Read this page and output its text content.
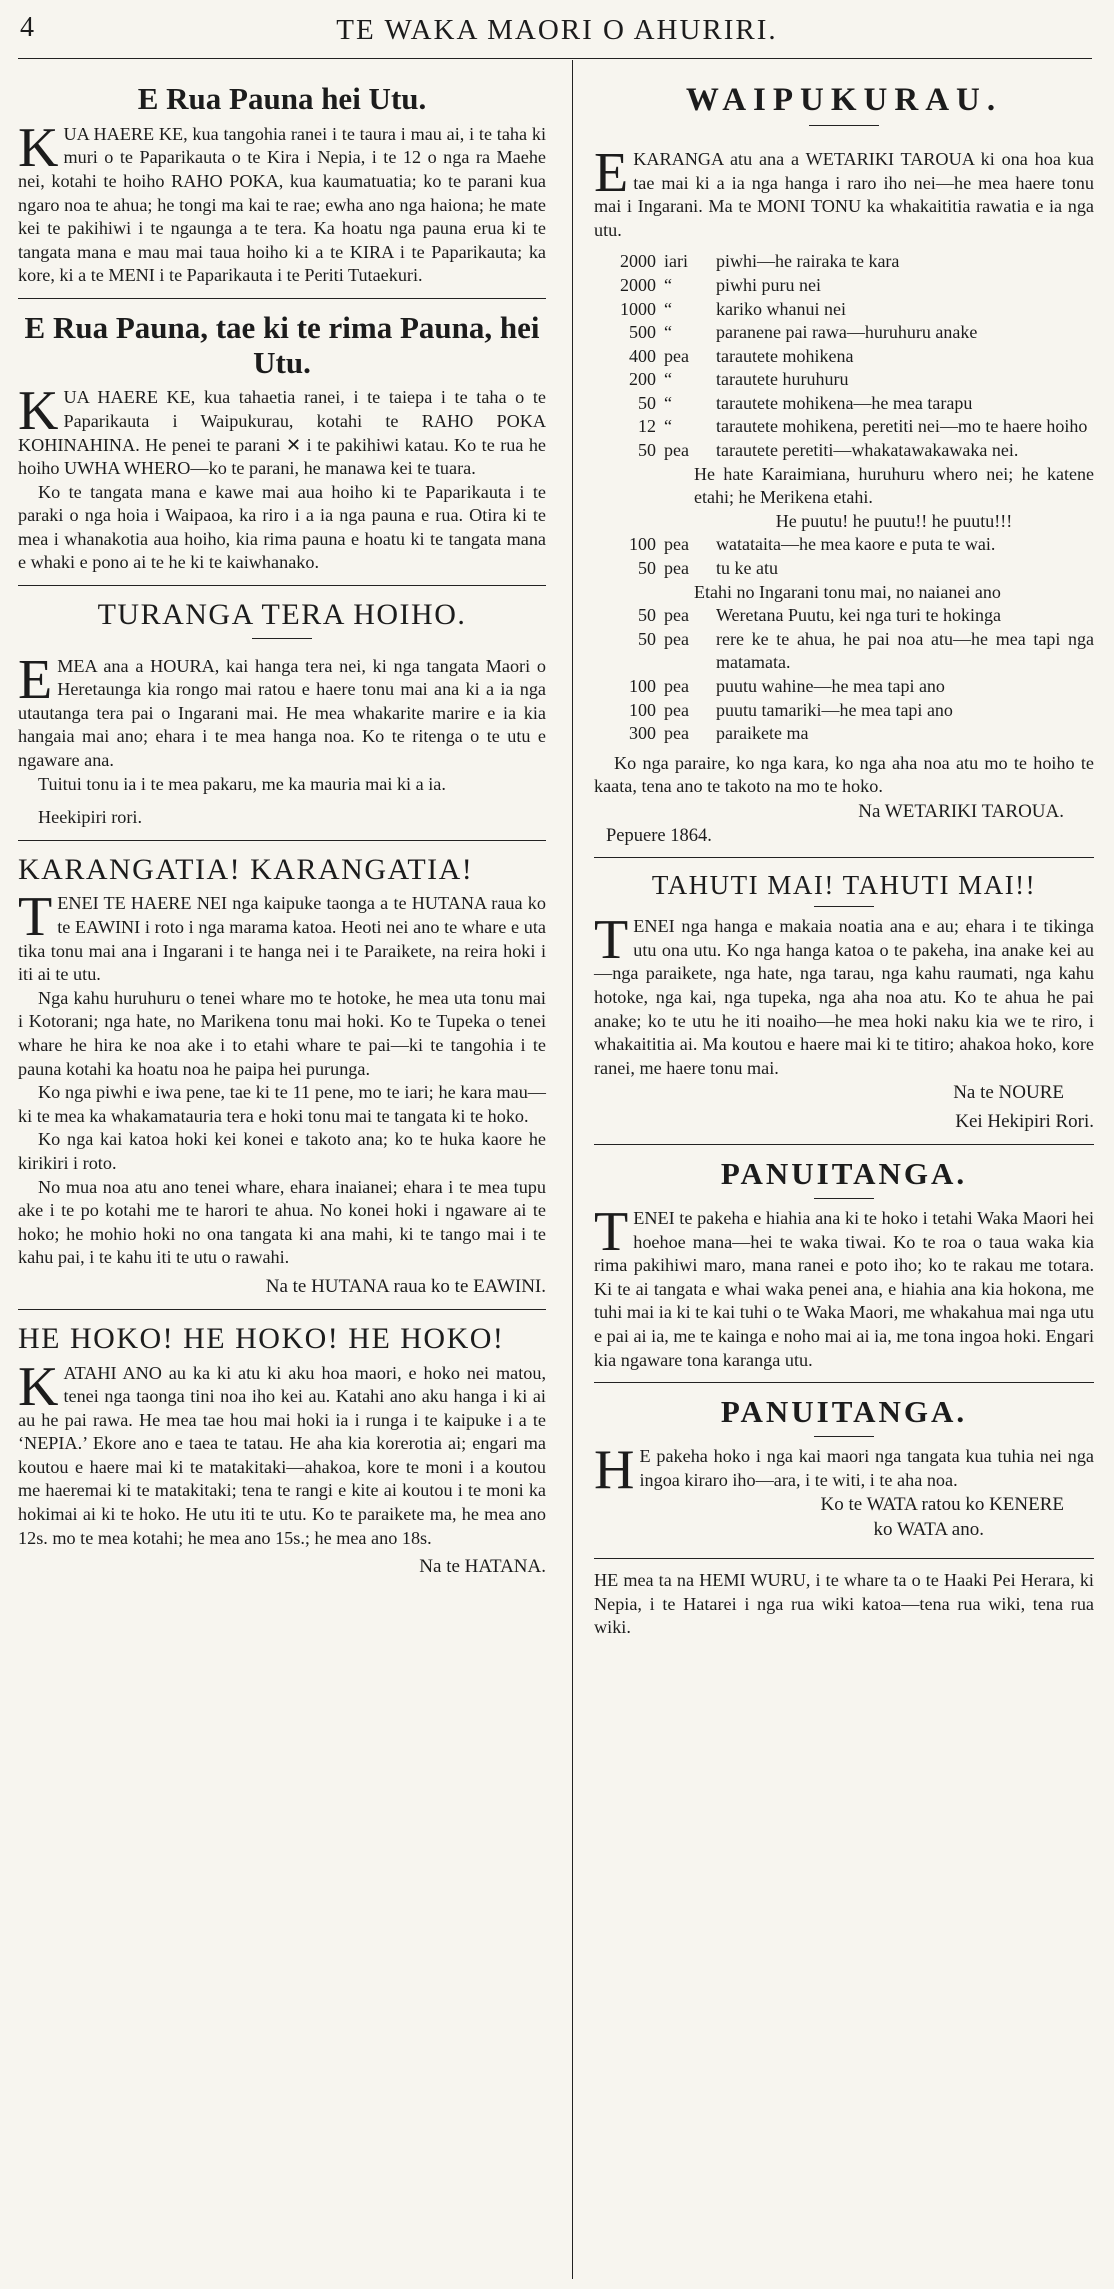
4	TE WAKA MAORI O AHURIRI.
E Rua Pauna hei Utu.

KUA HAERE KE, kua tangohia ranei i te taura i mau ai, i te taha ki muri o te Paparikauta o te Kira i Nepia, i te 12 o nga ra Maehe nei, kotahi te hoiho RAHO POKA, kua kaumatuatia; ko te parani kua ngaro noa te ahua; he tongi ma kai te rae; ewha ano nga haiona; he mate kei te pakihiwi i te ngaunga a te tera. Ka hoatu nga pauna erua ki te tangata mana e mau mai taua hoiho ki a te KIRA i te Paparikauta; ka kore, ki a te MENI i te Paparikauta i te Periti Tutaekuri.

E Rua Pauna, tae ki te rima Pauna, hei Utu.

KUA HAERE KE, kua tahaetia ranei, i te taiepa i te taha o te Paparikauta i Waipukurau, kotahi te RAHO POKA KOHINAHINA. He penei te parani ✕ i te pakihiwi katau. Ko te rua he hoiho UWHA WHERO—ko te parani, he manawa kei te tuara.

Ko te tangata mana e kawe mai aua hoiho ki te Paparikauta i te paraki o nga hoia i Waipaoa, ka riro i a ia nga pauna e rua. Otira ki te mea i whanakotia aua hoiho, kia rima pauna e hoatu ki te tangata mana e whaki e pono ai te he ki te kaiwhanako.

TURANGA TERA HOIHO.

EMEA ana a HOURA, kai hanga tera nei, ki nga tangata Maori o Heretaunga kia rongo mai ratou e haere tonu mai ana ki a ia nga utautanga tera pai o Ingarani mai. He mea whakarite marire e ia kia hangaia mai ano; ehara i te mea hanga noa. Ko te ritenga o te utu e ngaware ana.

Tuitui tonu ia i te mea pakaru, me ka mauria mai ki a ia.

Heekipiri rori.

KARANGATIA! KARANGATIA!

TENEI TE HAERE NEI nga kaipuke taonga a te HUTANA raua ko te EAWINI i roto i nga marama katoa. Heoti nei ano te whare e uta tika tonu mai ana i Ingarani i te hanga nei i te Paraikete, na reira hoki i iti ai te utu.

Nga kahu huruhuru o tenei whare mo te hotoke, he mea uta tonu mai i Kotorani; nga hate, no Marikena tonu mai hoki. Ko te Tupeka o tenei whare he hira ke noa ake i to etahi whare te pai—ki te tangohia i te pauna kotahi ka hoatu noa he paipa hei purunga.

Ko nga piwhi e iwa pene, tae ki te 11 pene, mo te iari; he kara mau—ki te mea ka whakamatauria tera e hoki tonu mai te tangata ki te hoko.

Ko nga kai katoa hoki kei konei e takoto ana; ko te huka kaore he kirikiri i roto.

No mua noa atu ano tenei whare, ehara inaianei; ehara i te mea tupu ake i te po kotahi me te harori te ahua. No konei hoki i ngaware ai te hoko; he mohio hoki no ona tangata ki ana mahi, ki te tango mai i te kahu pai, i te kahu iti te utu o rawahi.

Na te HUTANA raua ko te EAWINI.
HE HOKO! HE HOKO! HE HOKO!

KATAHI ANO au ka ki atu ki aku hoa maori, e hoko nei matou, tenei nga taonga tini noa iho kei au. Katahi ano aku hanga i ki ai au he pai rawa. He mea tae hou mai hoki ia i runga i te kaipuke i a te ‘NEPIA.’ Ekore ano e taea te tatau. He aha kia korerotia ai; engari ma koutou e haere mai ki te matakitaki—ahakoa, kore te moni i a koutou me haeremai ki te matakitaki; tena te rangi e kite ai koutou i te moni ka hokimai ai ki te hoko. He utu iti te utu. Ko te paraikete ma, he mea ano 12s. mo te mea kotahi; he mea ano 15s.; he mea ano 18s.

Na te HATANA.
WAIPUKURAU.

EKARANGA atu ana a WETARIKI TAROUA ki ona hoa kua tae mai ki a ia nga hanga i raro iho nei—he mea haere tonu mai i Ingarani. Ma te MONI TONU ka whakaititia rawatia e ia nga utu.

2000 iari	piwhi—he rairaka te kara
2000 “	piwhi puru nei
1000 “	kariko whanui nei
500 “	paranene pai rawa—huruhuru anake
400 pea	tarautete mohikena
200 “	tarautete huruhuru
50 “	tarautete mohikena—he mea tarapu
12 “	tarautete mohikena, peretiti nei—mo te haere hoiho
50 pea	tarautete peretiti—whakatawakawaka nei.
He hate Karaimiana, huruhuru whero nei; he katene etahi; he Merikena etahi.
He puutu! he puutu!! he puutu!!!
100 pea	watataita—he mea kaore e puta te wai.
50 pea	tu ke atu
Etahi no Ingarani tonu mai, no naianei ano
50 pea	Weretana Puutu, kei nga turi te hokinga
50 pea	rere ke te ahua, he pai noa atu—he mea tapi nga matamata.
100 pea	puutu wahine—he mea tapi ano
100 pea	puutu tamariki—he mea tapi ano
300 pea	paraikete ma

Ko nga paraire, ko nga kara, ko nga aha noa atu mo te hoiho te kaata, tena ano te takoto na mo te hoko.

Na WETARIKI TAROUA.
Pepuere 1864.
TAHUTI MAI! TAHUTI MAI!!

TENEI nga hanga e makaia noatia ana e au; ehara i te tikinga utu ona utu. Ko nga hanga katoa o te pakeha, ina anake kei au—nga paraikete, nga hate, nga tarau, nga kahu raumati, nga kahu hotoke, nga kai, nga tupeka, nga aha noa atu. Ko te ahua he pai anake; ko te utu he iti noaiho—he mea hoki naku kia we te riro, i whakaititia ai. Ma koutou e haere mai ki te titiro; ahakoa hoko, kore ranei, me haere tonu mai.

Na te NOURE
Kei Hekipiri Rori.
PANUITANGA.

TENEI te pakeha e hiahia ana ki te hoko i tetahi Waka Maori hei hoehoe mana—hei te waka tiwai. Ko te roa o taua waka kia rima pakihiwi maro, mana ranei e poto iho; ko te rakau me totara. Ki te ai tangata e whai waka penei ana, e hiahia ana kia hokona, me tuhi mai ia ki te kai tuhi o te Waka Maori, me whakahua mai nga utu e pai ai ia, me te kainga e noho mai ai ia, me tona ingoa hoki. Engari kia ngaware tona karanga utu.

PANUITANGA.

H E pakeha hoko i nga kai maori nga tangata kua tuhia nei nga ingoa kiraro iho—ara, i te witi, i te aha noa.

Ko te WATA ratou ko KENERE
ko WATA ano.

HE mea ta na HEMI WURU, i te whare ta o te Haaki Pei Herara, ki Nepia, i te Hatarei i nga rua wiki katoa—tena rua wiki, tena rua wiki.
